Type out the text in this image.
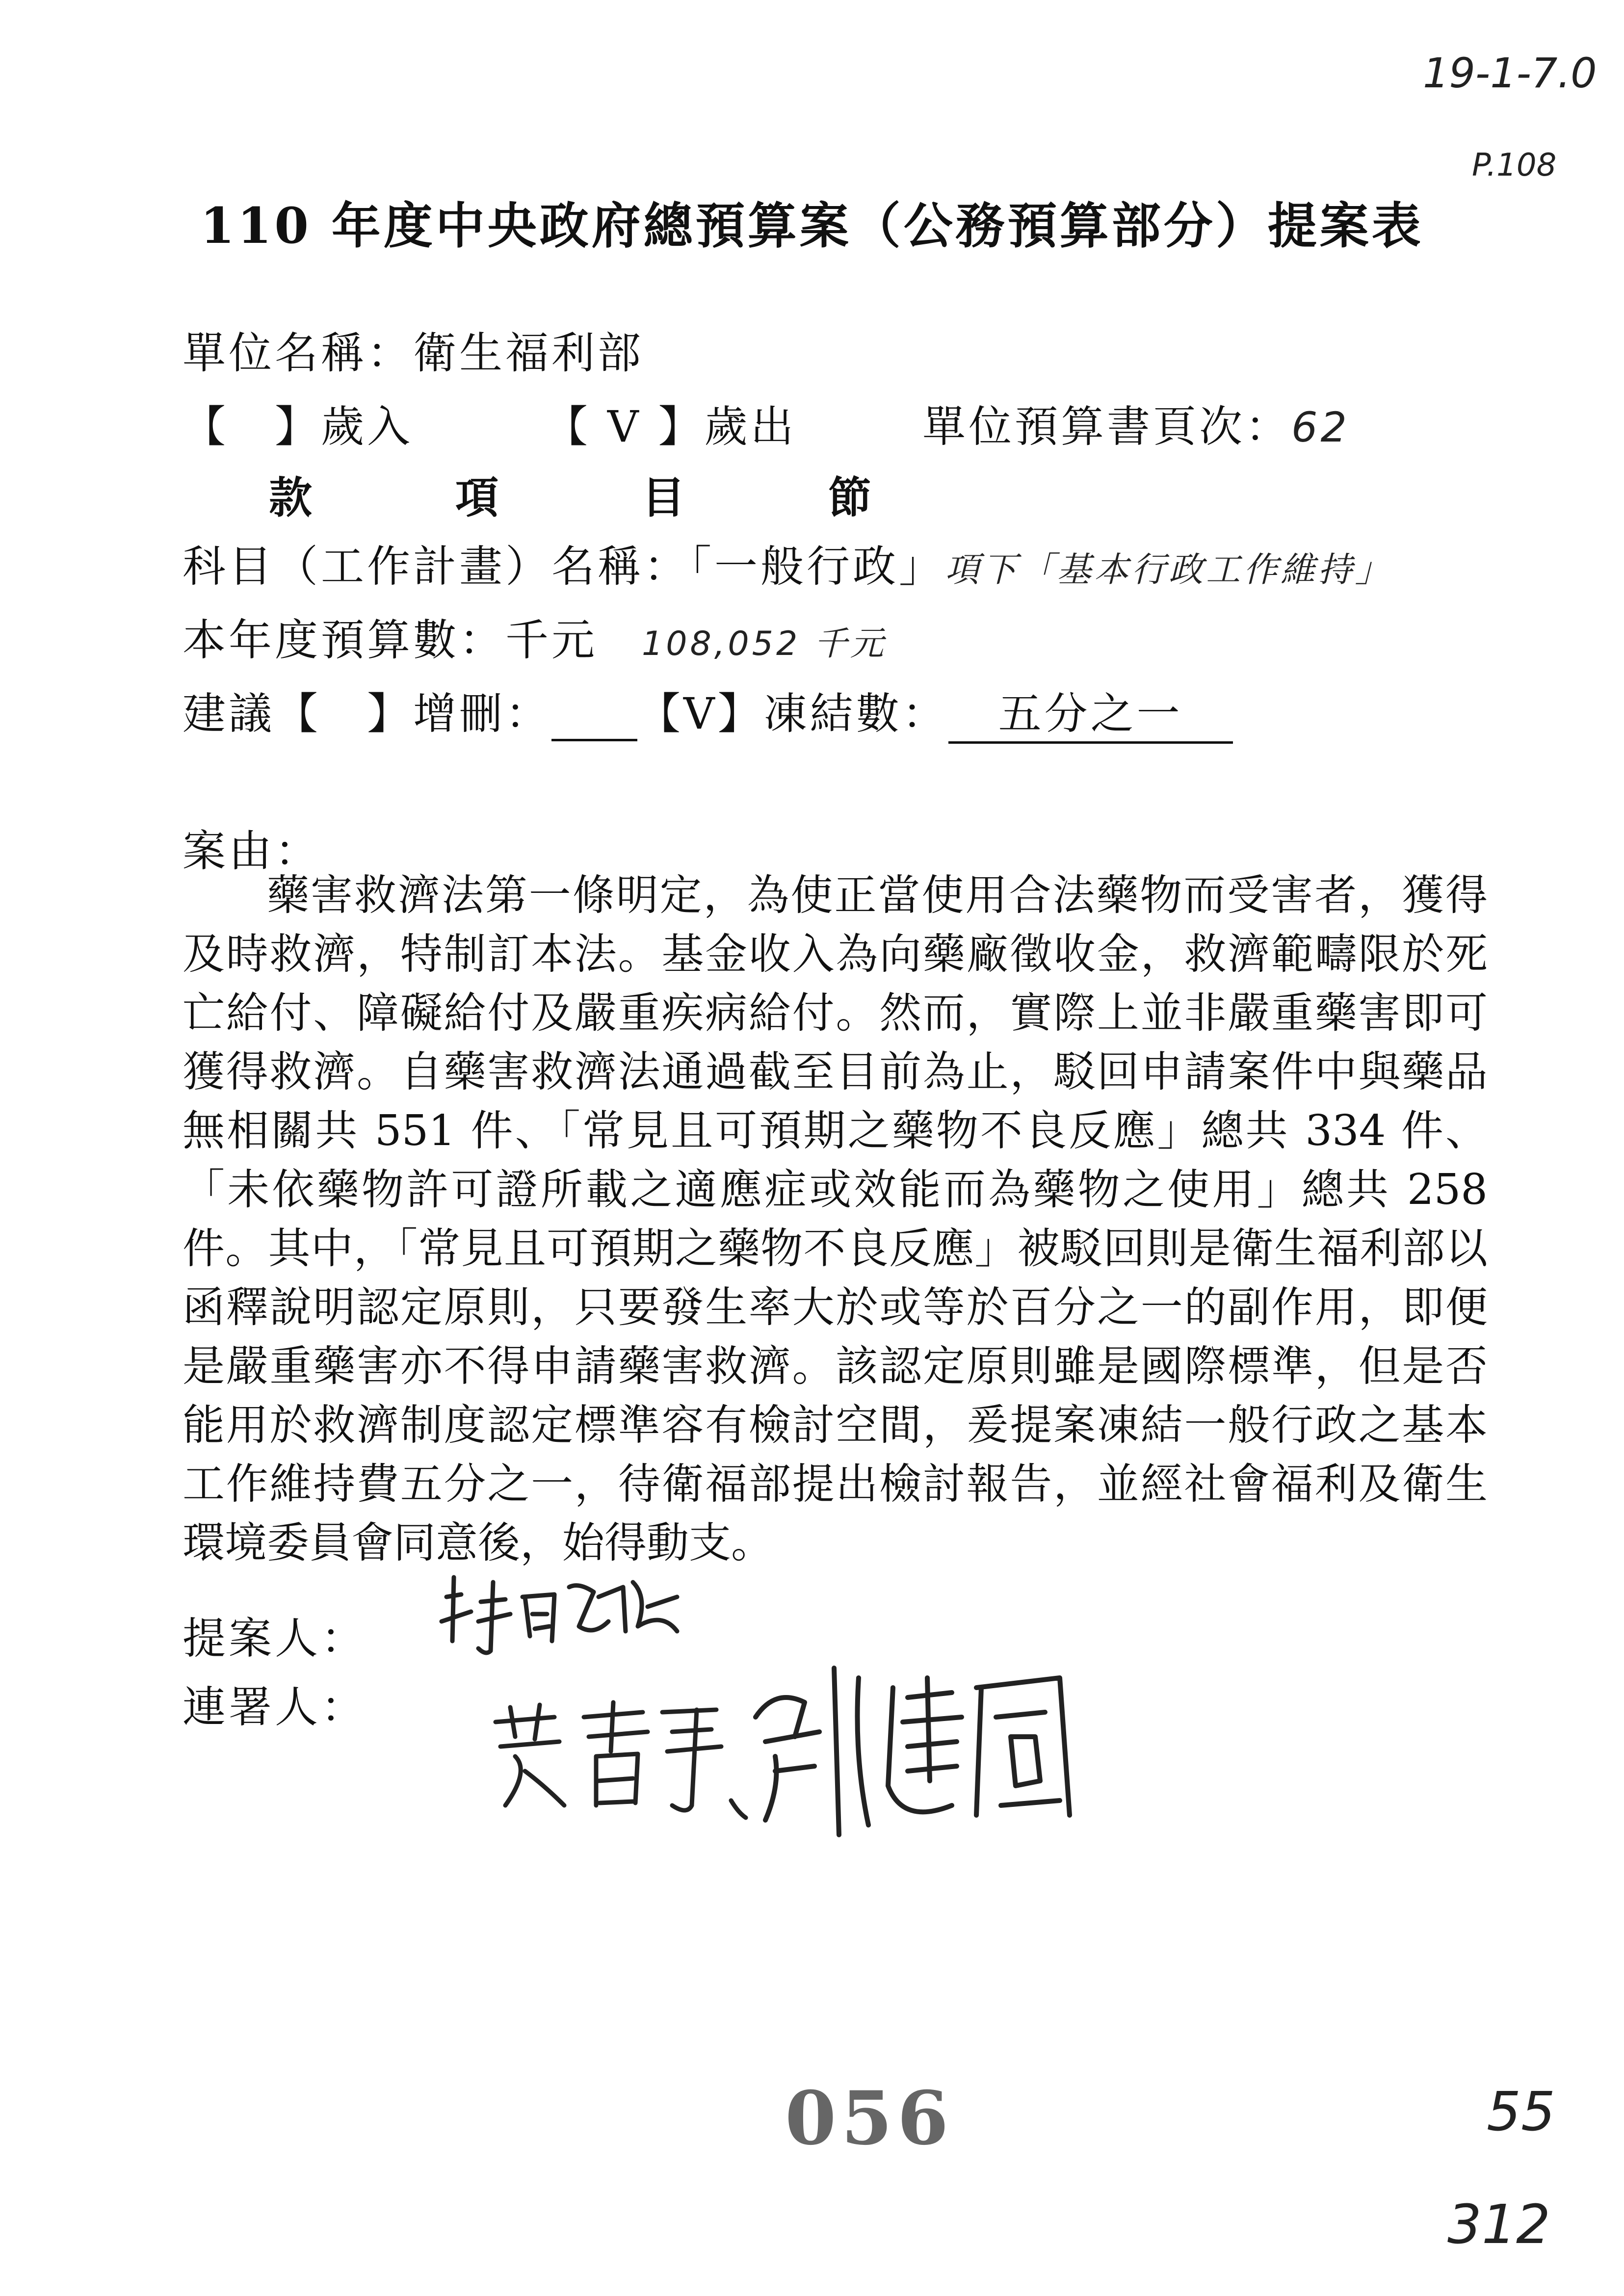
19-1-7.0
P.108
110 年度中央政府總預算案（公務預算部分）提案表
單位名稱：衛生福利部
【　】歲入	【 V 】歲出	單位預算書頁次：62
款	項	目	節
科目（工作計畫）名稱：「一般行政」項下「基本行政工作維持」
本年度預算數：千元 108,052 千元
建議【　】增刪： 【V】凍結數： 五分之一
案由：

藥害救濟法第一條明定，為使正當使用合法藥物而受害者，獲得及時救濟，特制訂本法。基金收入為向藥廠徵收金，救濟範疇限於死亡給付、障礙給付及嚴重疾病給付。然而，實際上並非嚴重藥害即可獲得救濟。自藥害救濟法通過截至目前為止，駁回申請案件中與藥品無相關共 551 件、「常見且可預期之藥物不良反應」總共 334 件、「未依藥物許可證所載之適應症或效能而為藥物之使用」總共 258 件。其中，「常見且可預期之藥物不良反應」被駁回則是衛生福利部以函釋說明認定原則，只要發生率大於或等於百分之一的副作用，即便是嚴重藥害亦不得申請藥害救濟。該認定原則雖是國際標準，但是否能用於救濟制度認定標準容有檢討空間，爰提案凍結一般行政之基本工作維持費五分之一，待衛福部提出檢討報告，並經社會福利及衛生環境委員會同意後，始得動支。

提案人：
連署人：
056	55
312
